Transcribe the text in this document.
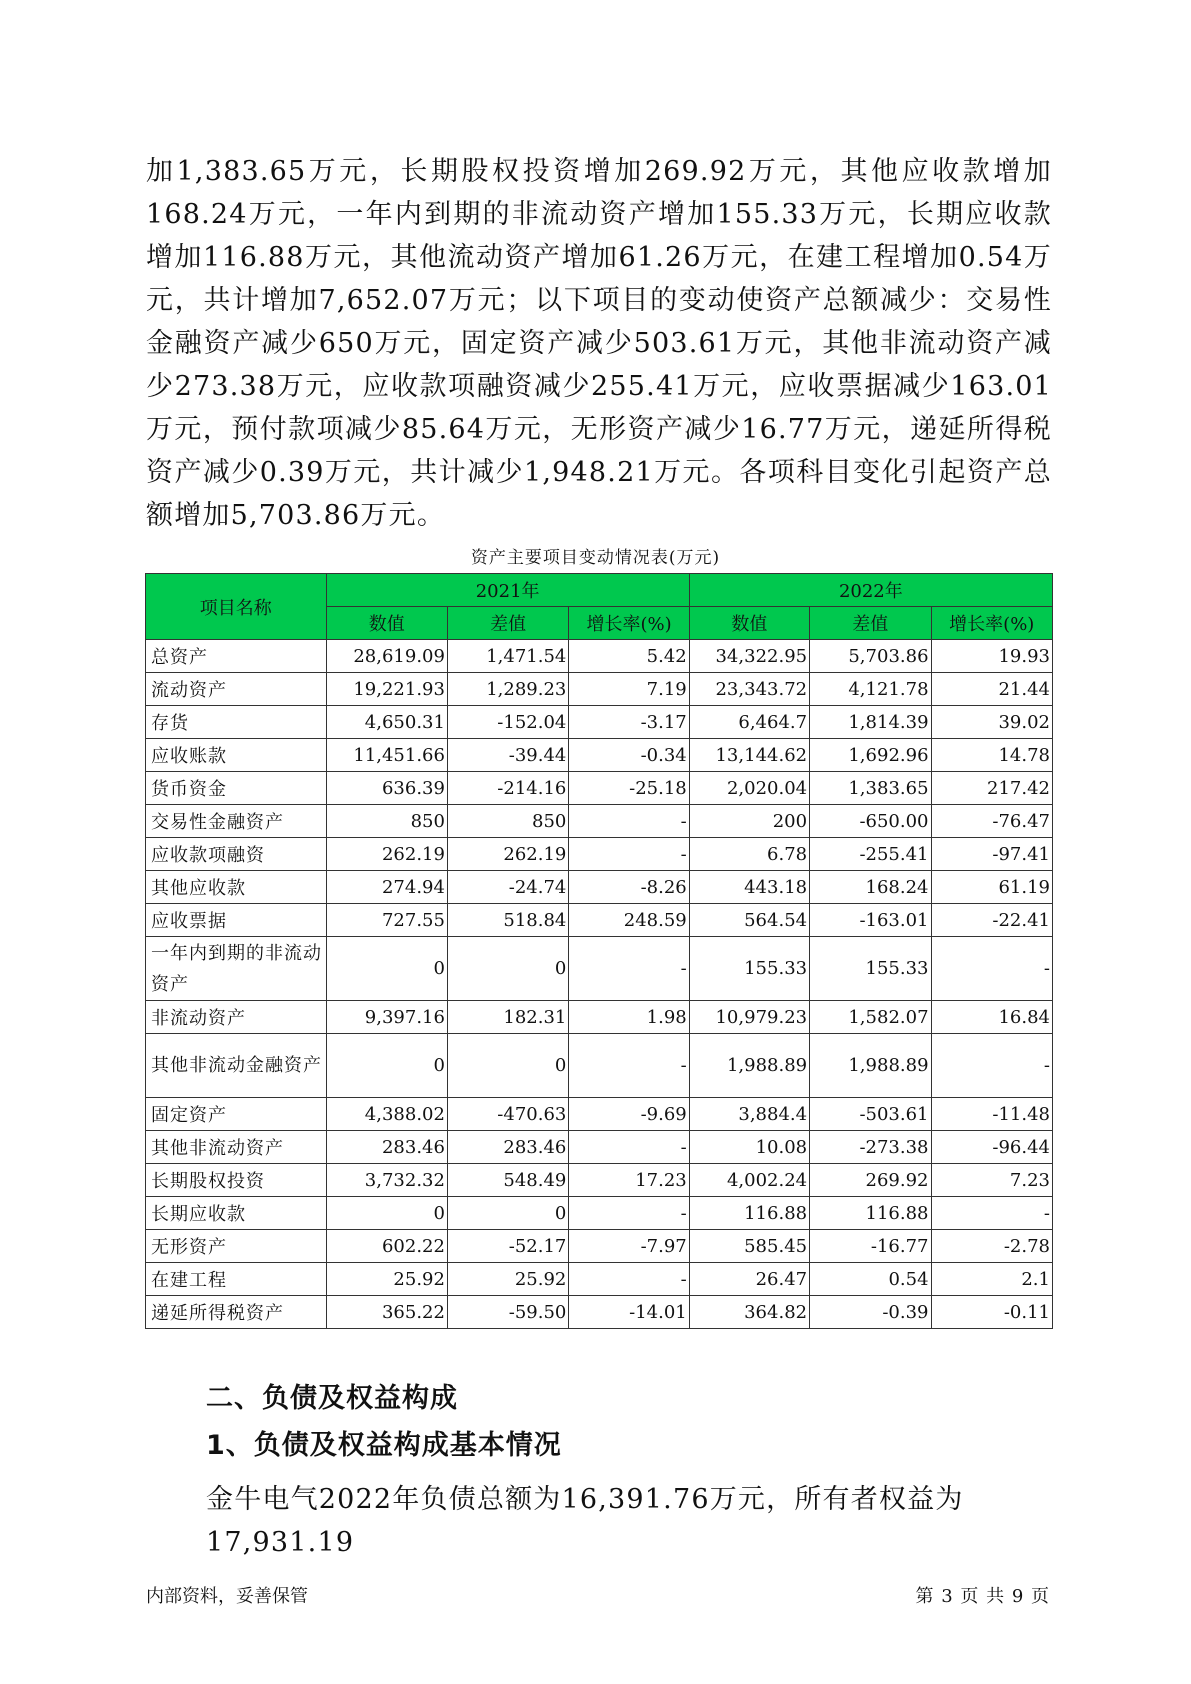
加1,383.65万元，长期股权投资增加269.92万元，其他应收款增加168.24万元，一年内到期的非流动资产增加155.33万元，长期应收款增加116.88万元，其他流动资产增加61.26万元，在建工程增加0.54万元，共计增加7,652.07万元；以下项目的变动使资产总额减少：交易性金融资产减少650万元，固定资产减少503.61万元，其他非流动资产减少273.38万元，应收款项融资减少255.41万元，应收票据减少163.01万元，预付款项减少85.64万元，无形资产减少16.77万元，递延所得税资产减少0.39万元，共计减少1,948.21万元。各项科目变化引起资产总额增加5,703.86万元。

资产主要项目变动情况表(万元)
项目名称	2021年			2022年		
	数值	差值	增长率(%)	数值	差值	增长率(%)
总资产	28,619.09	1,471.54	5.42	34,322.95	5,703.86	19.93
流动资产	19,221.93	1,289.23	7.19	23,343.72	4,121.78	21.44
存货	4,650.31	-152.04	-3.17	6,464.7	1,814.39	39.02
应收账款	11,451.66	-39.44	-0.34	13,144.62	1,692.96	14.78
货币资金	636.39	-214.16	-25.18	2,020.04	1,383.65	217.42
交易性金融资产	850	850	-	200	-650.00	-76.47
应收款项融资	262.19	262.19	-	6.78	-255.41	-97.41
其他应收款	274.94	-24.74	-8.26	443.18	168.24	61.19
应收票据	727.55	518.84	248.59	564.54	-163.01	-22.41
一年内到期的非流动资产	0	0	-	155.33	155.33	-
非流动资产	9,397.16	182.31	1.98	10,979.23	1,582.07	16.84
其他非流动金融资产	0	0	-	1,988.89	1,988.89	-
固定资产	4,388.02	-470.63	-9.69	3,884.4	-503.61	-11.48
其他非流动资产	283.46	283.46	-	10.08	-273.38	-96.44
长期股权投资	3,732.32	548.49	17.23	4,002.24	269.92	7.23
长期应收款	0	0	-	116.88	116.88	-
无形资产	602.22	-52.17	-7.97	585.45	-16.77	-2.78
在建工程	25.92	25.92	-	26.47	0.54	2.1
递延所得税资产	365.22	-59.50	-14.01	364.82	-0.39	-0.11
二、负债及权益构成
1、负债及权益构成基本情况

金牛电气2022年负债总额为16,391.76万元，所有者权益为17,931.19

内部资料，妥善保管	第 3 页 共 9 页
